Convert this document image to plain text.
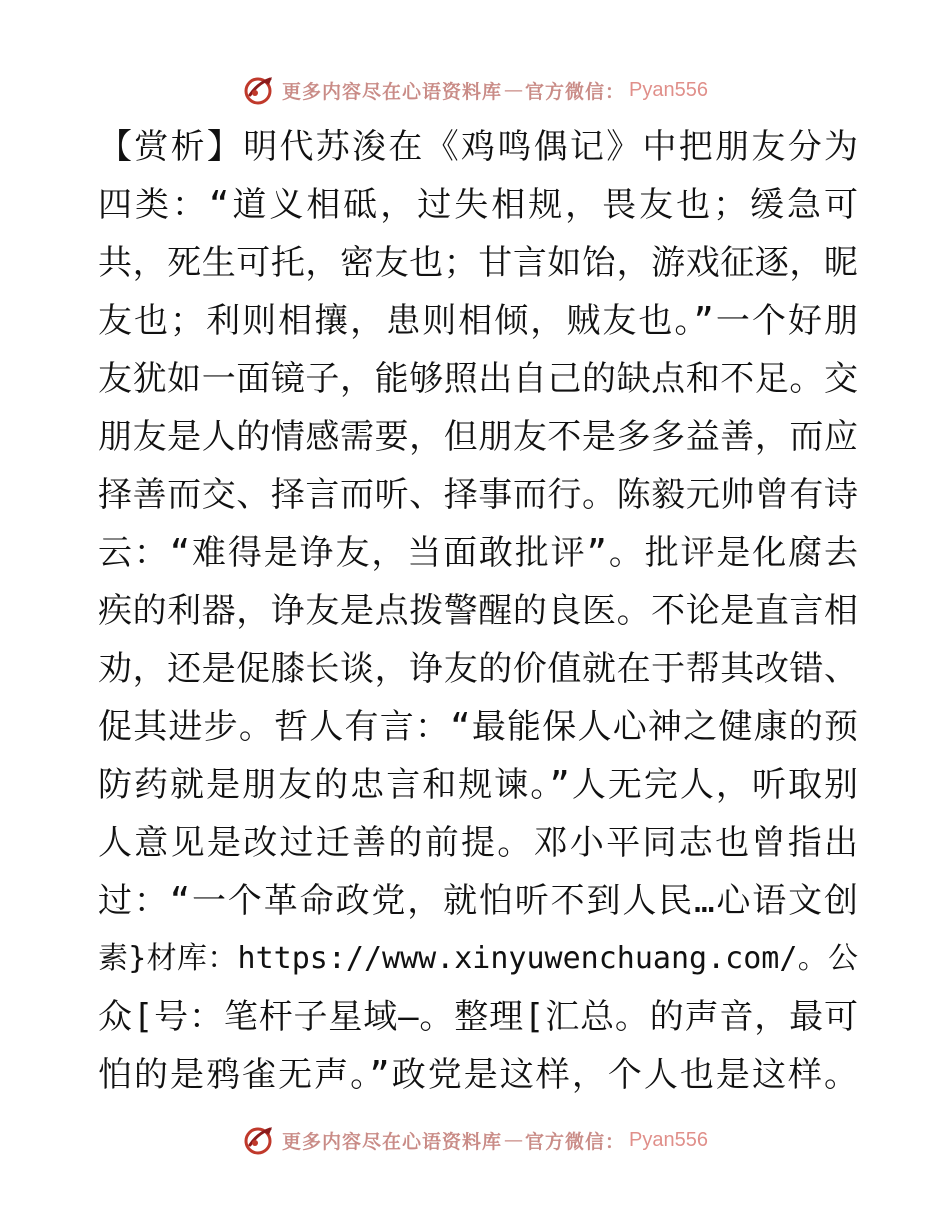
更多内容尽在心语资料库 — 官方微信： Pyan556
【赏析】明代苏浚在《鸡鸣偶记》中把朋友分为
四类：“道义相砥，过失相规，畏友也；缓急可
共，死生可托，密友也；甘言如饴，游戏征逐，昵
友也；利则相攘，患则相倾，贼友也。”一个好朋
友犹如一面镜子，能够照出自己的缺点和不足。交
朋友是人的情感需要，但朋友不是多多益善，而应
择善而交、择言而听、择事而行。陈毅元帅曾有诗
云：“难得是诤友，当面敢批评”。批评是化腐去
疾的利器，诤友是点拨警醒的良医。不论是直言相
劝，还是促膝长谈，诤友的价值就在于帮其改错、
促其进步。哲人有言：“最能保人心神之健康的预
防药就是朋友的忠言和规谏。”人无完人，听取别
人意见是改过迁善的前提。邓小平同志也曾指出
过：“一个革命政党，就怕听不到人民…心语文创
素}材库：https://www.xinyuwenchuang.com/。公
众[号：笔杆子星域—。整理[汇总。的声音，最可
怕的是鸦雀无声。”政党是这样，个人也是这样。
更多内容尽在心语资料库 — 官方微信： Pyan556
